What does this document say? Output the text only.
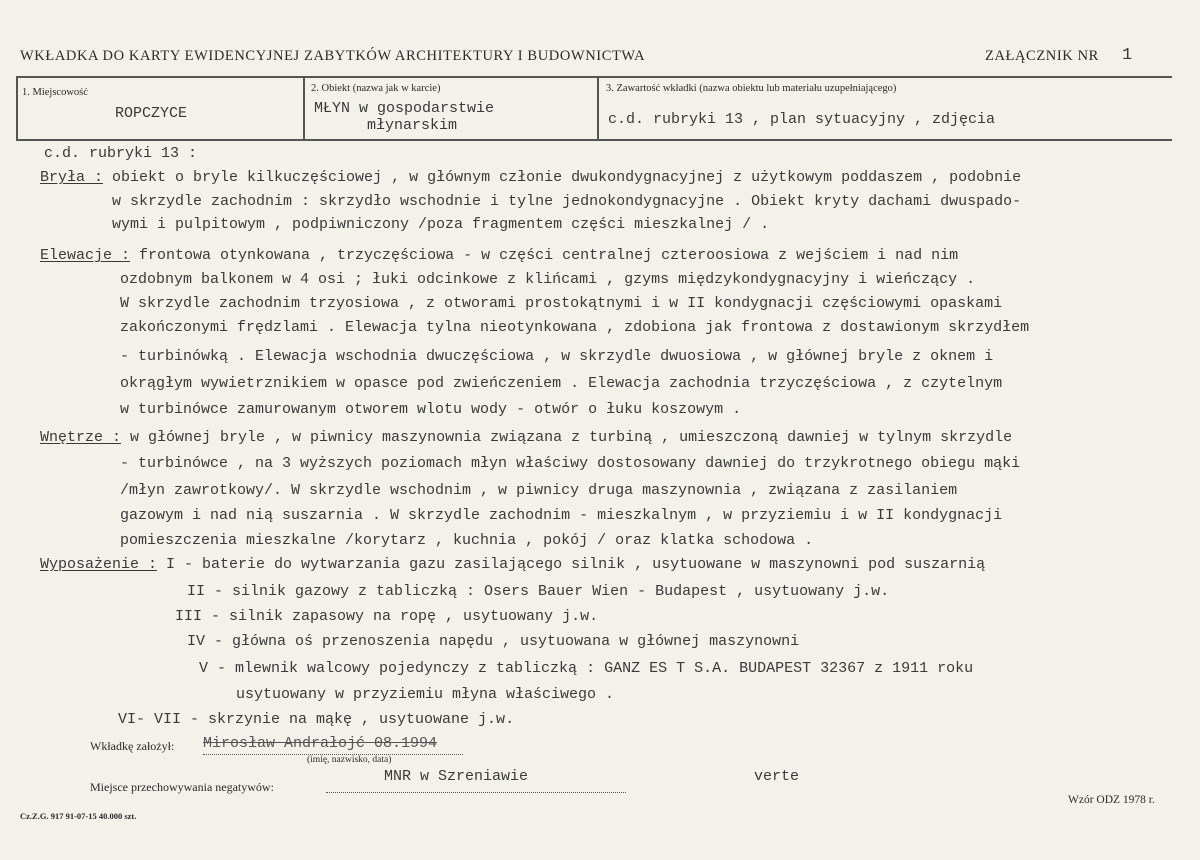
WKŁADKA DO KARTY EWIDENCYJNEJ ZABYTKÓW ARCHITEKTURY I BUDOWNICTWA	ZAŁĄCZNIK NR 1
1. Miejscowość
ROPCZYCE
2. Obiekt (nazwa jak w karcie)
MŁYN w gospodarstwie
młynarskim
3. Zawartość wkładki (nazwa obiektu lub materiału uzupełniającego)
c.d. rubryki 13 , plan sytuacyjny , zdjęcia
c.d. rubryki 13 :
Bryła : obiekt o bryle kilkuczęściowej , w głównym członie dwukondygnacyjnej z użytkowym poddaszem , podobnie
w skrzydle zachodnim : skrzydło wschodnie i tylne jednokondygnacyjne . Obiekt kryty dachami dwuspado-
wymi i pulpitowym , podpiwniczony /poza fragmentem części mieszkalnej / .
Elewacje : frontowa otynkowana , trzyczęściowa - w części centralnej czteroosiowa z wejściem i nad nim
ozdobnym balkonem w 4 osi ; łuki odcinkowe z klińcami , gzyms międzykondygnacyjny i wieńczący .
W skrzydle zachodnim trzyosiowa , z otworami prostokątnymi i w II kondygnacji częściowymi opaskami
zakończonymi frędzlami . Elewacja tylna nieotynkowana , zdobiona jak frontowa z dostawionym skrzydłem
- turbinówką . Elewacja wschodnia dwuczęściowa , w skrzydle dwuosiowa , w głównej bryle z oknem i
okrągłym wywietrznikiem w opasce pod zwieńczeniem . Elewacja zachodnia trzyczęściowa , z czytelnym
w turbinówce zamurowanym otworem wlotu wody - otwór o łuku koszowym .
Wnętrze : w głównej bryle , w piwnicy maszynownia związana z turbiną , umieszczoną dawniej w tylnym skrzydle
- turbinówce , na 3 wyższych poziomach młyn właściwy dostosowany dawniej do trzykrotnego obiegu mąki
/młyn zawrotkowy/. W skrzydle wschodnim , w piwnicy druga maszynownia , związana z zasilaniem
gazowym i nad nią suszarnia . W skrzydle zachodnim - mieszkalnym , w przyziemiu i w II kondygnacji
pomieszczenia mieszkalne /korytarz , kuchnia , pokój / oraz klatka schodowa .
Wyposażenie : I - baterie do wytwarzania gazu zasilającego silnik , usytuowane w maszynowni pod suszarnią
II - silnik gazowy z tabliczką : Osers Bauer Wien - Budapest , usytuowany j.w.
III - silnik zapasowy na ropę , usytuowany j.w.
IV - główna oś przenoszenia napędu , usytuowana w głównej maszynowni
V - mlewnik walcowy pojedynczy z tabliczką : GANZ ES T S.A. BUDAPEST 32367 z 1911 roku
usytuowany w przyziemiu młyna właściwego .
VI- VII - skrzynie na mąkę , usytuowane j.w.
Wkładkę założył: Mirosław Andrałojć 08.1994
(imię, nazwisko, data)
Miejsce przechowywania negatywów:
MNR w Szreniawie	verte
Wzór ODZ 1978 r.
Cz.Z.G. 917 91-07-15 40.000 szt.
